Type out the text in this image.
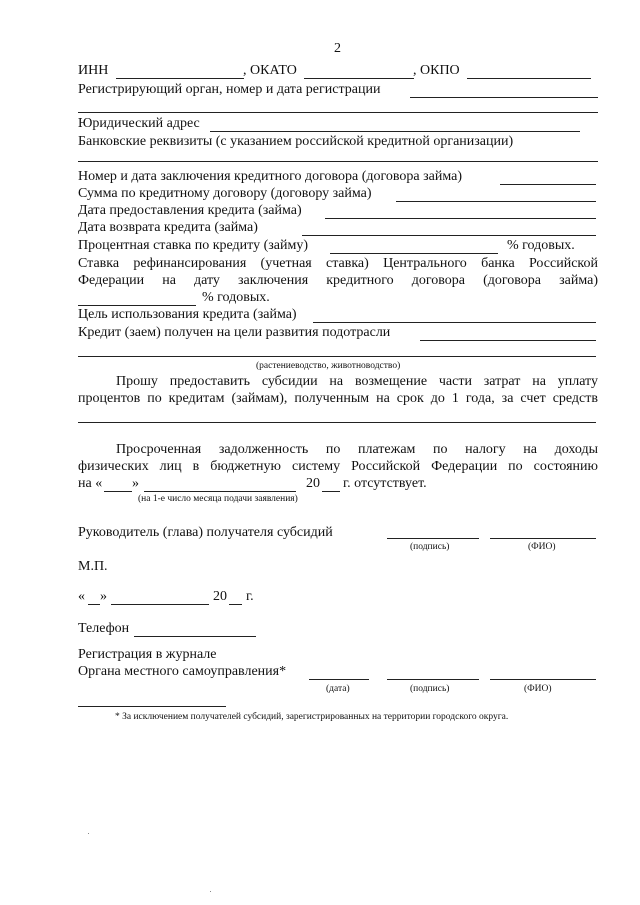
2
ИНН	, ОКАТО	, ОКПО
Регистрирующий орган, номер и дата регистрации
Юридический адрес
Банковские реквизиты (с указанием российской кредитной организации)
Номер и дата заключения кредитного договора (договора займа)
Сумма по кредитному договору (договору займа)
Дата предоставления кредита (займа)
Дата возврата кредита (займа)
Процентная ставка по кредиту (займу)	% годовых.
Ставка рефинансирования (учетная ставка) Центрального банка Российской
Федерации на дату заключения кредитного договора (договора займа)
% годовых.
Цель использования кредита (займа)
Кредит (заем) получен на цели развития подотрасли
(растениеводство, животноводство)
Прошу предоставить субсидии на возмещение части затрат на уплату
процентов по кредитам (займам), полученным на срок до 1 года, за счет средств
Просроченная задолженность по платежам по налогу на доходы
физических лиц в бюджетную систему Российской Федерации по состоянию
на « »	20 г. отсутствует.
(на 1-е число месяца подачи заявления)
Руководитель (глава) получателя субсидий
(подпись)	(ФИО)
М.П.
« »	20 г.
Телефон
Регистрация в журнале
Органа местного самоуправления*
(дата)	(подпись)	(ФИО)
* За исключением получателей субсидий, зарегистрированных на территории городского округа.
